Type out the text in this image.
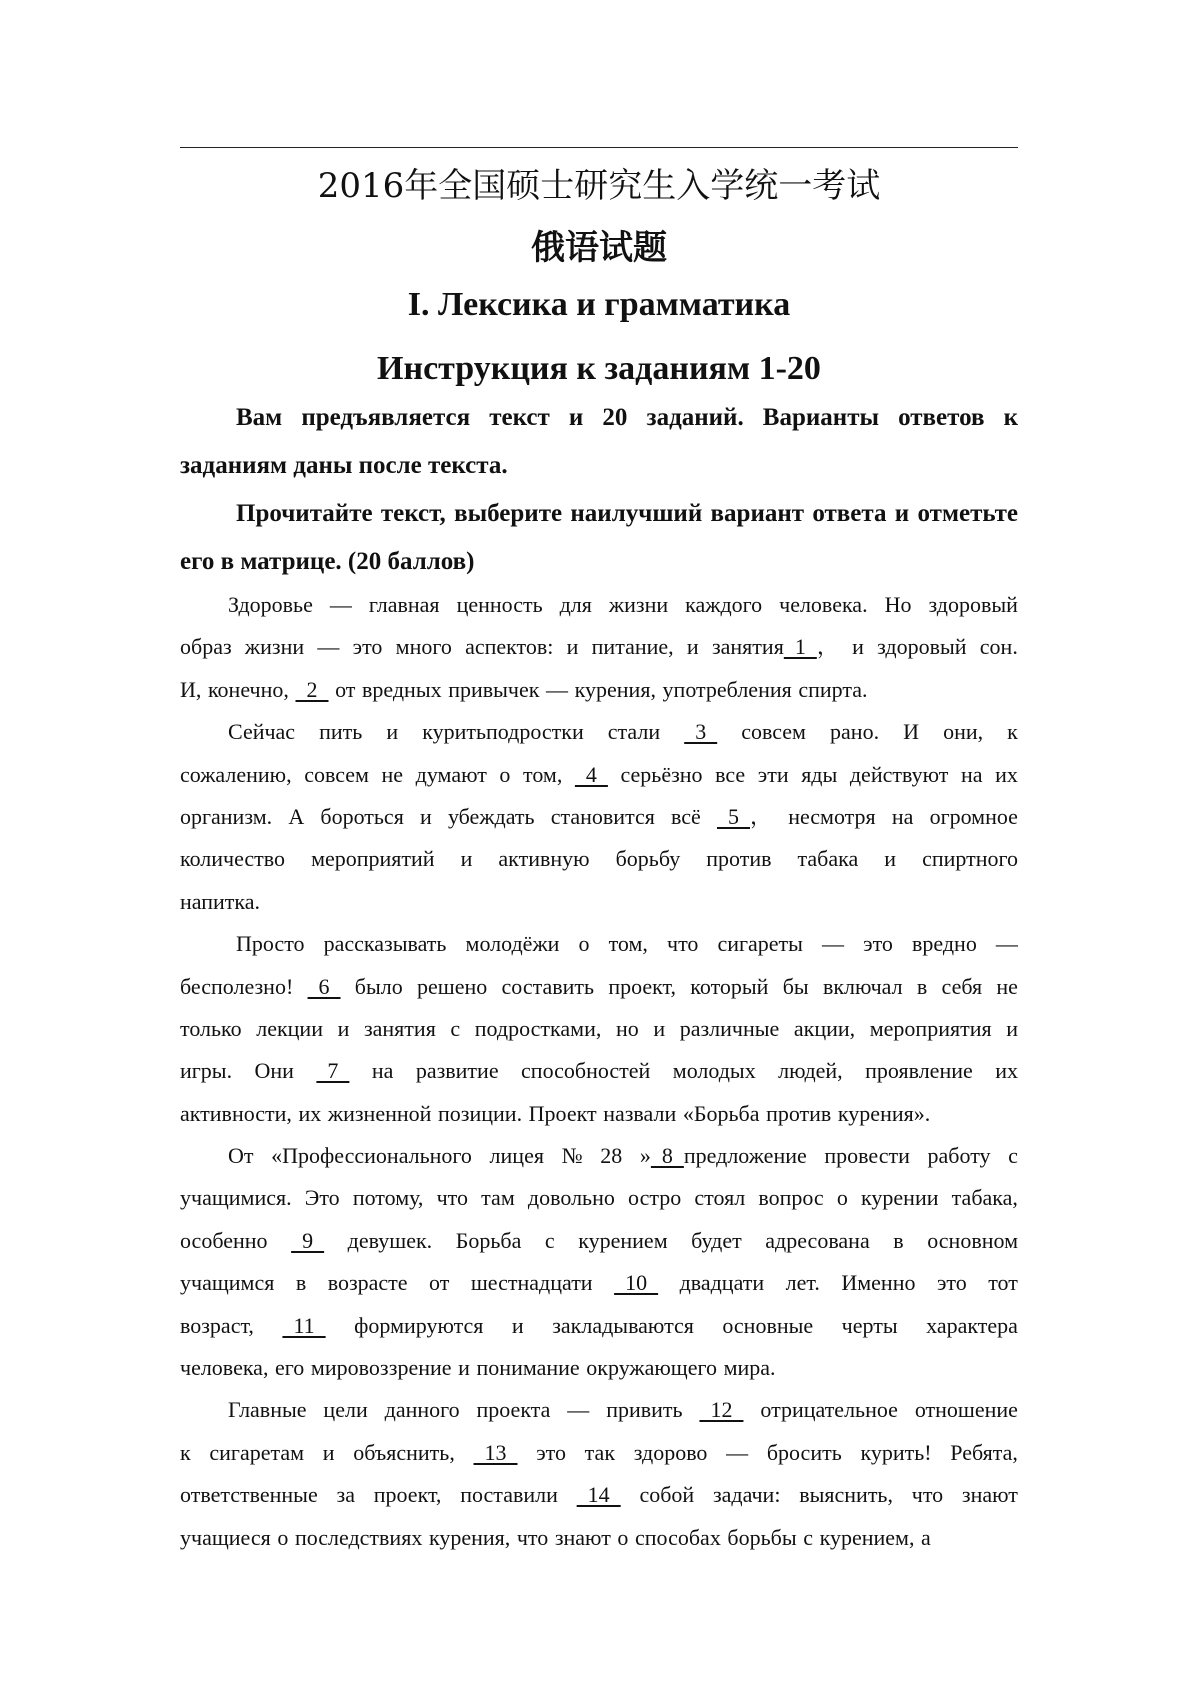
2016年全国硕士研究生入学统一考试
俄语试题
I. Лексика и грамматика
Инструкция к заданиям 1-20
Вам предъявляется текст и 20 заданий. Варианты ответов к заданиям даны после текста.
Прочитайте текст, выберите наилучший вариант ответа и отметьте его в матрице. (20 баллов)
Здоровье — главная ценность для жизни каждого человека. Но здоровый
образ жизни — это много аспектов: и питание, и занятия  1  ， и здоровый сон.
И, конечно, 2 от вредных привычек — курения, употребления спирта.
Сейчас пить и куритьподростки стали 3 совсем рано. И они, к
сожалению, совсем не думают о том, 4 серьёзно все эти яды действуют на их
организм. А бороться и убеждать становится всё 5  ， несмотря на огромное
количество мероприятий и активную борьбу против табака и спиртного
напитка.
Просто рассказывать молодёжи о том, что сигареты — это вредно —
бесполезно! 6 было решено составить проект, который бы включал в себя не
только лекции и занятия с подростками, но и различные акции, мероприятия и
игры. Они 7 на развитие способностей молодых людей, проявление их
активности, их жизненной позиции. Проект назвали «Борьба против курения».
От «Профессионального лицея № 28 »  8  предложение провести работу с
учащимися. Это потому, что там довольно остро стоял вопрос о курении табака,
особенно 9 девушек. Борьба с курением будет адресована в основном
учащимся в возрасте от шестнадцати 10 двадцати лет. Именно это тот
возраст, 11 формируются и закладываются основные черты характера
человека, его мировоззрение и понимание окружающего мира.
Главные цели данного проекта — привить 12 отрицательное отношение
к сигаретам и объяснить, 13 это так здорово — бросить курить! Ребята,
ответственные за проект, поставили 14 собой задачи: выяснить, что знают
учащиеся о последствиях курения, что знают о способах борьбы с курением, а
